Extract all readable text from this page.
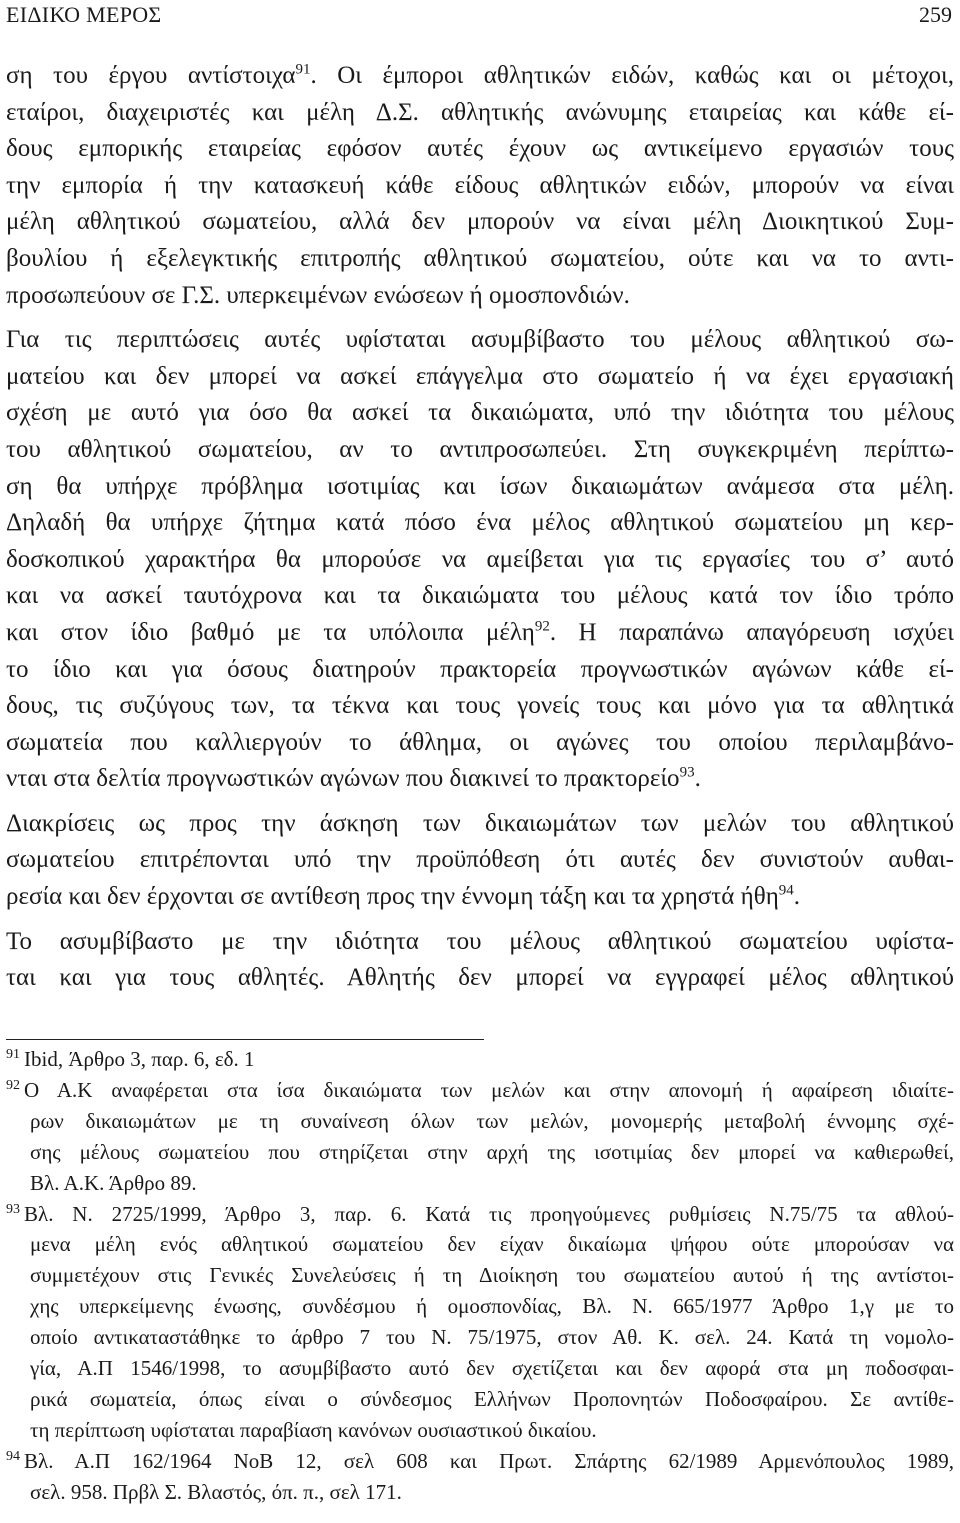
ΕΙΔΙΚΟ ΜΕΡΟΣ	259
ση του έργου αντίστοιχα$^{91}$. Οι έμποροι αθλητικών ειδών, καθώς και οι μέτοχοι,
εταίροι, διαχειριστές και μέλη Δ.Σ. αθλητικής ανώνυμης εταιρείας και κάθε εί-
δους εμπορικής εταιρείας εφόσον αυτές έχουν ως αντικείμενο εργασιών τους
την εμπορία ή την κατασκευή κάθε είδους αθλητικών ειδών, μπορούν να είναι
μέλη αθλητικού σωματείου, αλλά δεν μπορούν να είναι μέλη Διοικητικού Συμ-
βουλίου ή εξελεγκτικής επιτροπής αθλητικού σωματείου, ούτε και να το αντι-
προσωπεύουν σε Γ.Σ. υπερκειμένων ενώσεων ή ομοσπονδιών.
Για τις περιπτώσεις αυτές υφίσταται ασυμβίβαστο του μέλους αθλητικού σω-
ματείου και δεν μπορεί να ασκεί επάγγελμα στο σωματείο ή να έχει εργασιακή
σχέση με αυτό για όσο θα ασκεί τα δικαιώματα, υπό την ιδιότητα του μέλους
του αθλητικού σωματείου, αν το αντιπροσωπεύει. Στη συγκεκριμένη περίπτω-
ση θα υπήρχε πρόβλημα ισοτιμίας και ίσων δικαιωμάτων ανάμεσα στα μέλη.
Δηλαδή θα υπήρχε ζήτημα κατά πόσο ένα μέλος αθλητικού σωματείου μη κερ-
δοσκοπικού χαρακτήρα θα μπορούσε να αμείβεται για τις εργασίες του σ’ αυτό
και να ασκεί ταυτόχρονα και τα δικαιώματα του μέλους κατά τον ίδιο τρόπο
και στον ίδιο βαθμό με τα υπόλοιπα μέλη$^{92}$. Η παραπάνω απαγόρευση ισχύει
το ίδιο και για όσους διατηρούν πρακτορεία προγνωστικών αγώνων κάθε εί-
δους, τις συζύγους των, τα τέκνα και τους γονείς τους και μόνο για τα αθλητικά
σωματεία που καλλιεργούν το άθλημα, οι αγώνες του οποίου περιλαμβάνο-
νται στα δελτία προγνωστικών αγώνων που διακινεί το πρακτορείο$^{93}$.
Διακρίσεις ως προς την άσκηση των δικαιωμάτων των μελών του αθλητικού
σωματείου επιτρέπονται υπό την προϋπόθεση ότι αυτές δεν συνιστούν αυθαι-
ρεσία και δεν έρχονται σε αντίθεση προς την έννομη τάξη και τα χρηστά ήθη$^{94}$.
Το ασυμβίβαστο με την ιδιότητα του μέλους αθλητικού σωματείου υφίστα-
ται και για τους αθλητές. Αθλητής δεν μπορεί να εγγραφεί μέλος αθλητικού
$^{91}$ Ibid, Άρθρο 3, παρ. 6, εδ. 1
$^{92}$ Ο Α.Κ αναφέρεται στα ίσα δικαιώματα των μελών και στην απονομή ή αφαίρεση ιδιαίτε-
ρων δικαιωμάτων με τη συναίνεση όλων των μελών, μονομερής μεταβολή έννομης σχέ-
σης μέλους σωματείου που στηρίζεται στην αρχή της ισοτιμίας δεν μπορεί να καθιερωθεί,
Βλ. Α.Κ. Άρθρο 89.
$^{93}$ Βλ. Ν. 2725/1999, Άρθρο 3, παρ. 6. Κατά τις προηγούμενες ρυθμίσεις Ν.75/75 τα αθλού-
μενα μέλη ενός αθλητικού σωματείου δεν είχαν δικαίωμα ψήφου ούτε μπορούσαν να
συμμετέχουν στις Γενικές Συνελεύσεις ή τη Διοίκηση του σωματείου αυτού ή της αντίστοι-
χης υπερκείμενης ένωσης, συνδέσμου ή ομοσπονδίας, Βλ. Ν. 665/1977 Άρθρο 1,γ με το
οποίο αντικαταστάθηκε το άρθρο 7 του Ν. 75/1975, στον Αθ. Κ. σελ. 24. Κατά τη νομολο-
γία, Α.Π 1546/1998, το ασυμβίβαστο αυτό δεν σχετίζεται και δεν αφορά στα μη ποδοσφαι-
ρικά σωματεία, όπως είναι ο σύνδεσμος Ελλήνων Προπονητών Ποδοσφαίρου. Σε αντίθε-
τη περίπτωση υφίσταται παραβίαση κανόνων ουσιαστικού δικαίου.
$^{94}$ Βλ. Α.Π 162/1964 ΝοΒ 12, σελ 608 και Πρωτ. Σπάρτης 62/1989 Αρμενόπουλος 1989,
σελ. 958. Πρβλ Σ. Βλαστός, όπ. π., σελ 171.
